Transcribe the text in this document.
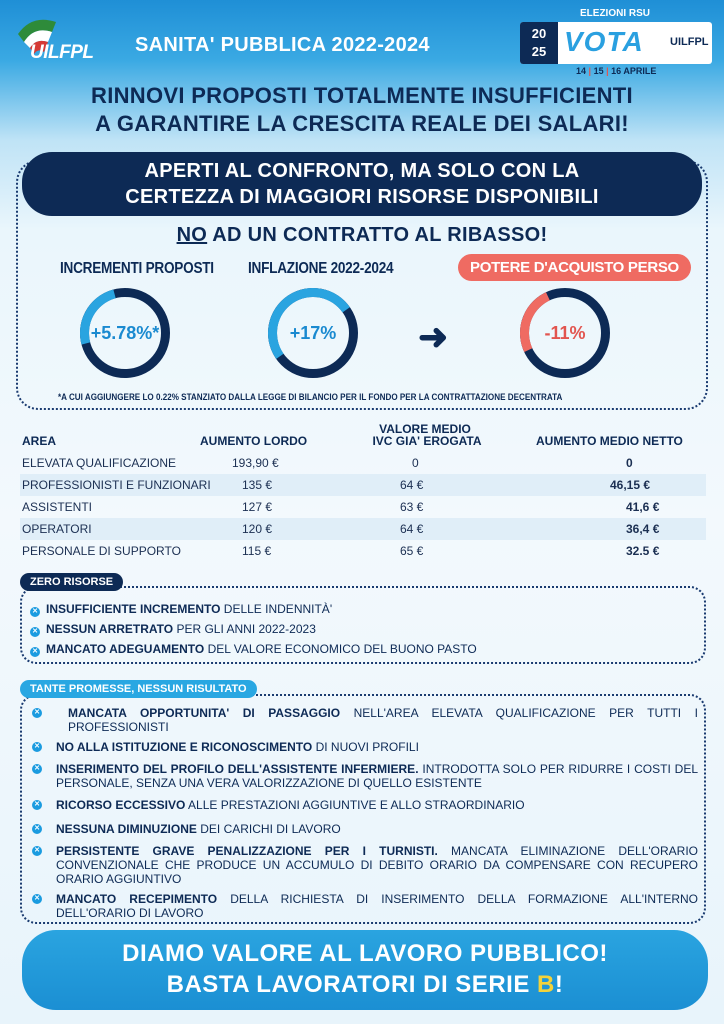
UILFPL SANITA' PUBBLICA 2022-2024
ELEZIONI RSU
20
25 VOTA UILFPL
14 | 15 | 16 APRILE
RINNOVI PROPOSTI TOTALMENTE INSUFFICIENTI
A GARANTIRE LA CRESCITA REALE DEI SALARI!
APERTI AL CONFRONTO, MA SOLO CON LA
CERTEZZA DI MAGGIORI RISORSE DISPONIBILI
NO AD UN CONTRATTO AL RIBASSO!
INCREMENTI PROPOSTI INFLAZIONE 2022-2024	POTERE D'ACQUISTO PERSO
+5.78%*	+17% ➜	-11%
*A CUI AGGIUNGERE LO 0.22% STANZIATO DALLA LEGGE DI BILANCIO PER IL FONDO PER LA CONTRATTAZIONE DECENTRATA
AREA	AUMENTO LORDO
VALORE MEDIO
IVC GIA' EROGATA	AUMENTO MEDIO NETTO
ELEVATA QUALIFICAZIONE	193,90 €	0	0
PROFESSIONISTI E FUNZIONARI	135 €	64 €	46,15 €
ASSISTENTI	127 €	63 €	41,6 €
OPERATORI	120 €	64 €	36,4 €
PERSONALE DI SUPPORTO	115 €	65 €	32.5 €
✕ INSUFFICIENTE INCREMENTO DELLE INDENNITÀ'
✕ NESSUN ARRETRATO PER GLI ANNI 2022-2023
✕ MANCATO ADEGUAMENTO DEL VALORE ECONOMICO DEL BUONO PASTO
ZERO RISORSE
✕	MANCATA OPPORTUNITA' DI PASSAGGIO NELL'AREA ELEVATA QUALIFICAZIONE PER TUTTI I PROFESSIONISTI
✕	NO ALLA ISTITUZIONE E RICONOSCIMENTO DI NUOVI PROFILI
✕	INSERIMENTO DEL PROFILO DELL'ASSISTENTE INFERMIERE. INTRODOTTA SOLO PER RIDURRE I COSTI DEL PERSONALE, SENZA UNA VERA VALORIZZAZIONE DI QUELLO ESISTENTE
✕	RICORSO ECCESSIVO ALLE PRESTAZIONI AGGIUNTIVE E ALLO STRAORDINARIO
✕	NESSUNA DIMINUZIONE DEI CARICHI DI LAVORO
✕	PERSISTENTE GRAVE PENALIZZAZIONE PER I TURNISTI. MANCATA ELIMINAZIONE DELL'ORARIO CONVENZIONALE CHE PRODUCE UN ACCUMULO DI DEBITO ORARIO DA COMPENSARE CON RECUPERO ORARIO AGGIUNTIVO
✕	MANCATO RECEPIMENTO DELLA RICHIESTA DI INSERIMENTO DELLA FORMAZIONE ALL'INTERNO DELL'ORARIO DI LAVORO
TANTE PROMESSE, NESSUN RISULTATO
DIAMO VALORE AL LAVORO PUBBLICO!
BASTA LAVORATORI DI SERIE B!
